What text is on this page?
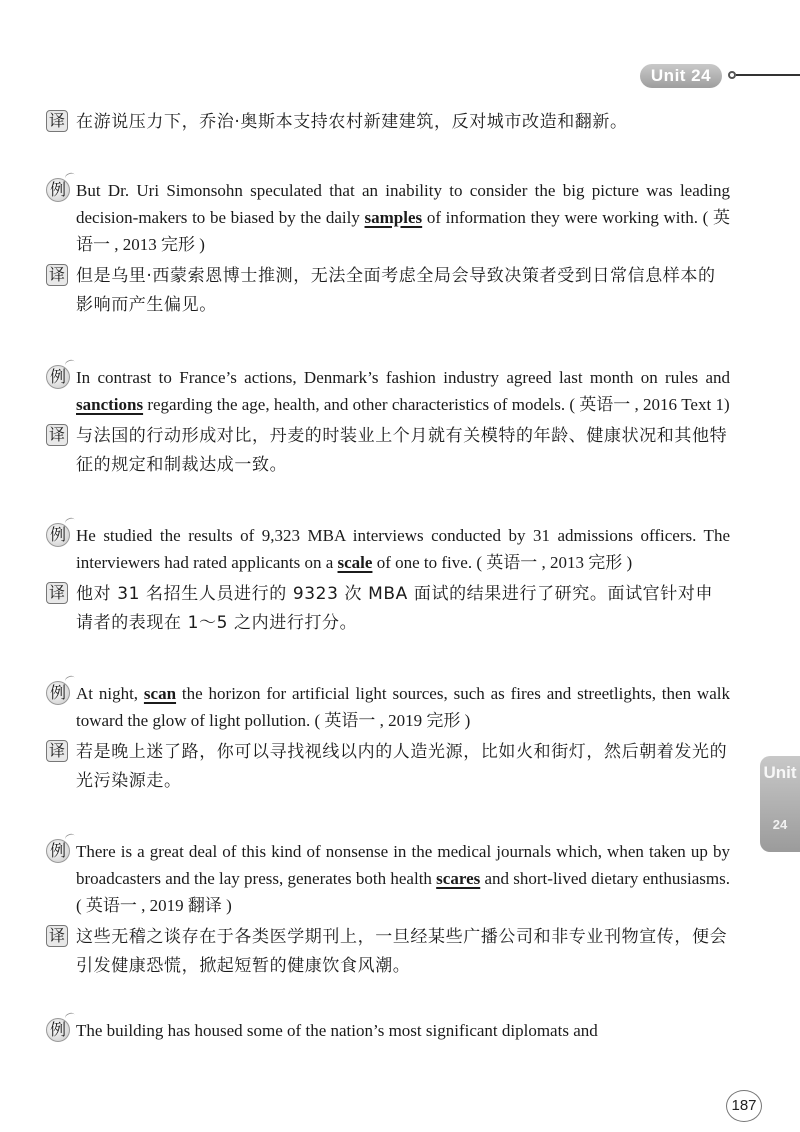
Unit 24
Unit
24
译 在游说压力下，乔治·奥斯本支持农村新建建筑，反对城市改造和翻新。
例 But Dr. Uri Simonsohn speculated that an inability to consider the big picture was leading decision-makers to be biased by the daily samples of information they were working with. ( 英语一 , 2013 完形 )
译 但是乌里·西蒙索恩博士推测，无法全面考虑全局会导致决策者受到日常信息样本的影响而产生偏见。
例 In contrast to France’s actions, Denmark’s fashion industry agreed last month on rules and sanctions regarding the age, health, and other characteristics of models. ( 英语一 , 2016 Text 1)
译 与法国的行动形成对比，丹麦的时装业上个月就有关模特的年龄、健康状况和其他特征的规定和制裁达成一致。
例 He studied the results of 9,323 MBA interviews conducted by 31 admissions officers. The interviewers had rated applicants on a scale of one to five. ( 英语一 , 2013 完形 )
译 他对 31 名招生人员进行的 9323 次 MBA 面试的结果进行了研究。面试官针对申请者的表现在 1～5 之内进行打分。
例 At night, scan the horizon for artificial light sources, such as fires and streetlights, then walk toward the glow of light pollution. ( 英语一 , 2019 完形 )
译 若是晚上迷了路，你可以寻找视线以内的人造光源，比如火和街灯，然后朝着发光的光污染源走。
例 There is a great deal of this kind of nonsense in the medical journals which, when taken up by broadcasters and the lay press, generates both health scares and short-lived dietary enthusiasms. ( 英语一 , 2019 翻译 )
译 这些无稽之谈存在于各类医学期刊上，一旦经某些广播公司和非专业刊物宣传，便会引发健康恐慌，掀起短暂的健康饮食风潮。
例 The building has housed some of the nation’s most significant diplomats and
187
